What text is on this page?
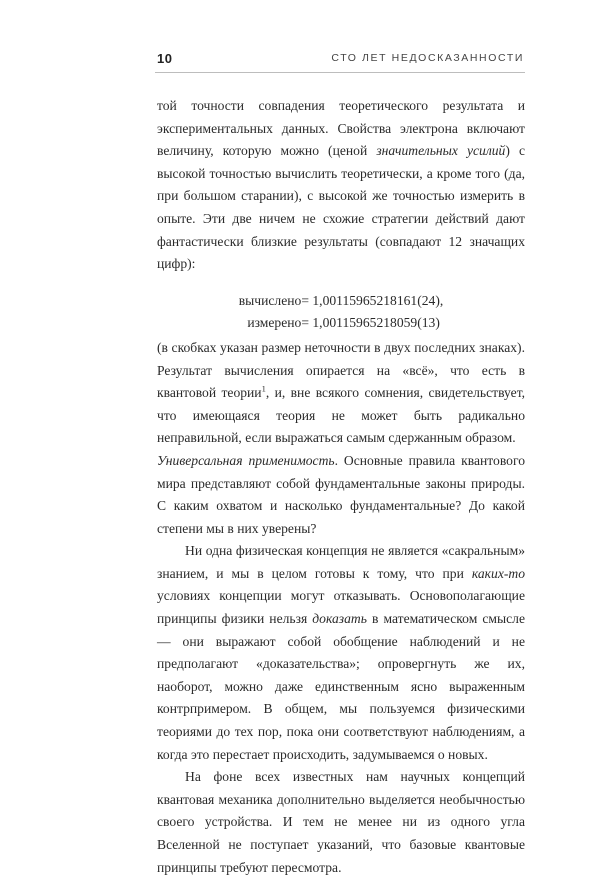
10	СТО ЛЕТ НЕДОСКАЗАННОСТИ

той точности совпадения теоретического результата и экспериментальных данных. Свойства электрона включают величину, которую можно (ценой значительных усилий) с высокой точностью вычислить теоретически, а кроме того (да, при большом старании), с высокой же точностью измерить в опыте. Эти две ничем не схожие стратегии действий дают фантастически близкие результаты (совпадают 12 значащих цифр):

вычислено = 1,00115965218161(24),
измерено = 1,00115965218059(13)

(в скобках указан размер неточности в двух последних знаках). Результат вычисления опирается на «всё», что есть в квантовой теории$^1$, и, вне всякого сомнения, свидетельствует, что имеющаяся теория не может быть радикально неправильной, если выражаться самым сдержанным образом.

Универсальная применимость. Основные правила квантового мира представляют собой фундаментальные законы природы. С каким охватом и насколько фундаментальные? До какой степени мы в них уверены?

Ни одна физическая концепция не является «сакральным» знанием, и мы в целом готовы к тому, что при каких-то условиях концепции могут отказывать. Основополагающие принципы физики нельзя доказать в математическом смысле — они выражают собой обобщение наблюдений и не предполагают «доказательства»; опровергнуть же их, наоборот, можно даже единственным ясно выраженным контрпримером. В общем, мы пользуемся физическими теориями до тех пор, пока они соответствуют наблюдениям, а когда это перестает происходить, задумываемся о новых.

На фоне всех известных нам научных концепций квантовая механика дополнительно выделяется необычностью своего устройства. И тем не менее ни из одного угла Вселенной не поступает указаний, что базовые квантовые принципы требуют пересмотра.
